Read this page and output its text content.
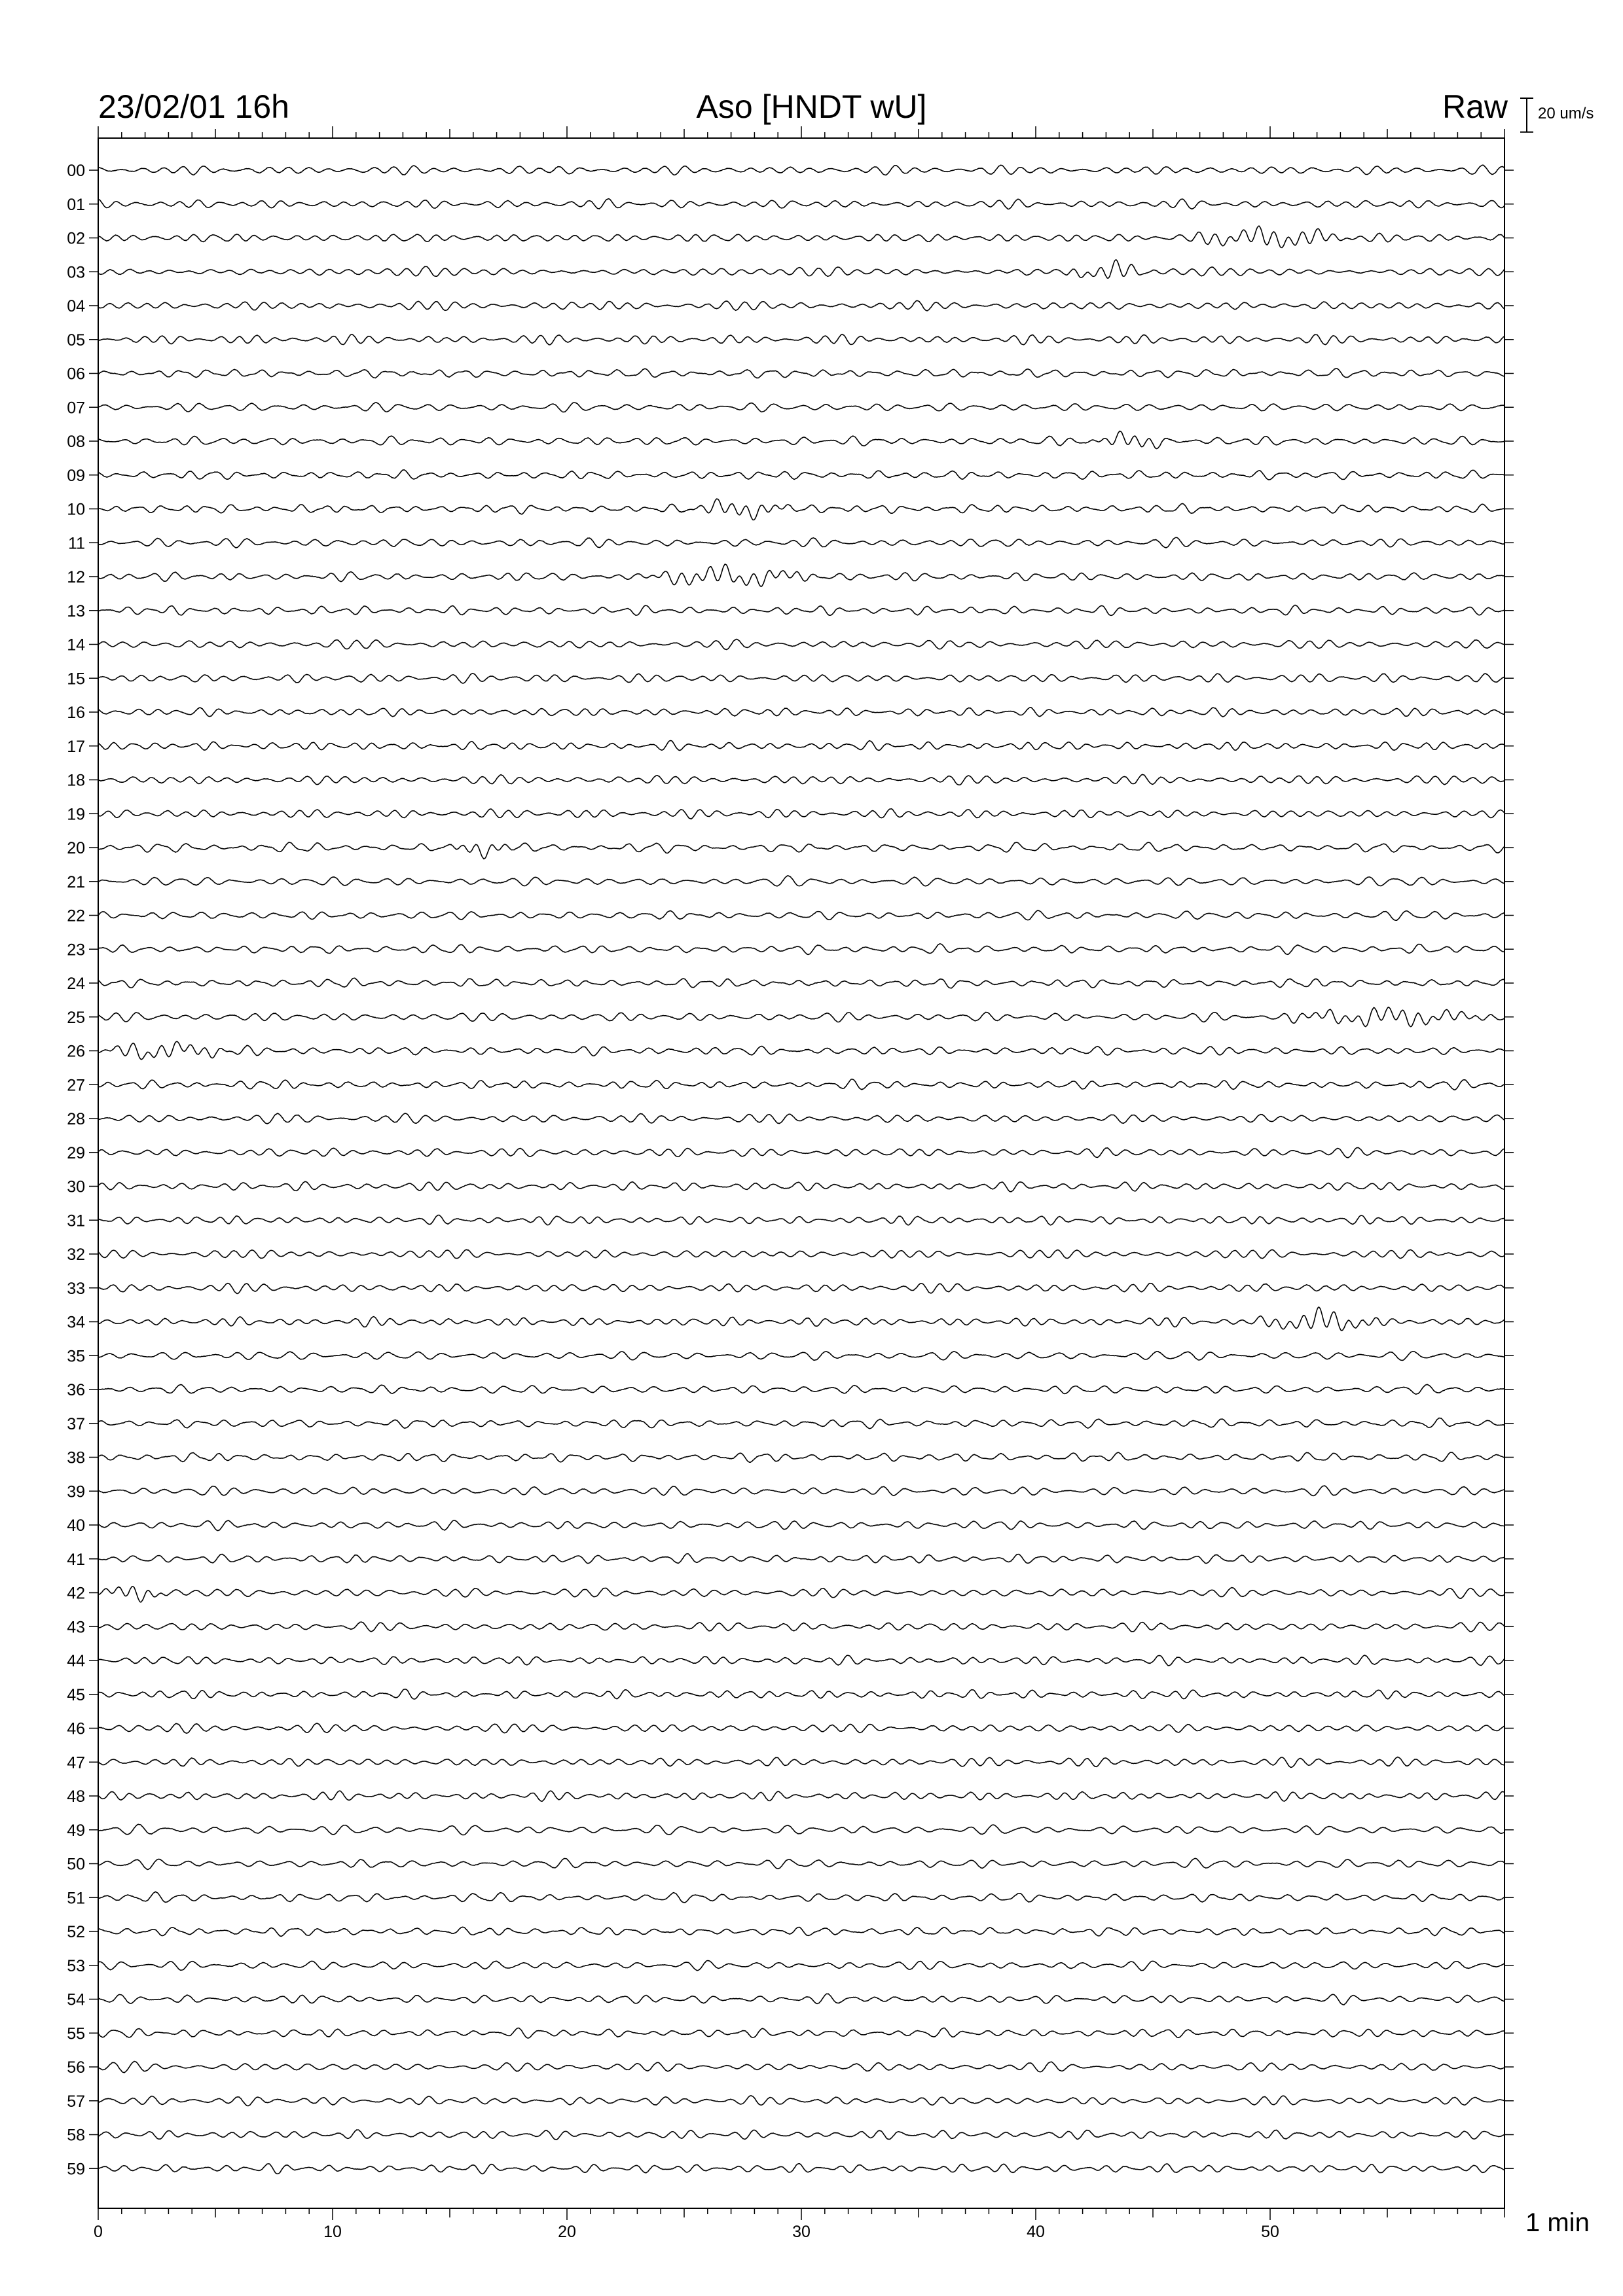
23/02/01 16h	Aso [HNDT wU]	Raw 20 um/s
1 min
00
01
02
03
04
05
06
07
08
09
10
11
12
13
14
15
16
17
18
19
20
21
22
23
24
25
26
27
28
29
30
31
32
33
34
35
36
37
38
39
40
41
42
43
44
45
46
47
48
49
50
51
52
53
54
55
56
57
58
59
0	10	20	30	40	50
